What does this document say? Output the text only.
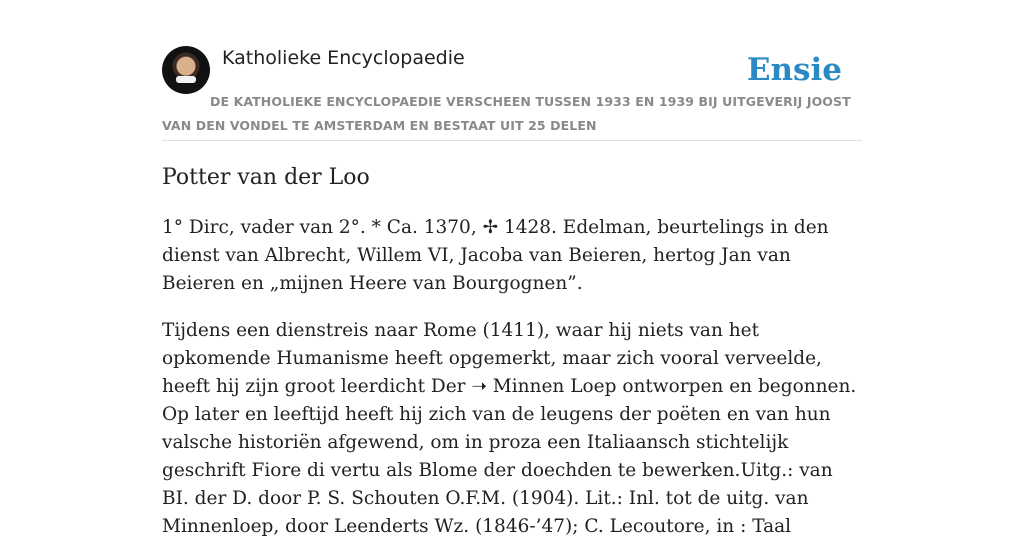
Katholieke Encyclopaedie	Ensie
DE KATHOLIEKE ENCYCLOPAEDIE VERSCHEEN TUSSEN 1933 EN 1939 BIJ UITGEVERIJ JOOST VAN DEN VONDEL TE AMSTERDAM EN BESTAAT UIT 25 DELEN
Potter van der Loo

1° Dirc, vader van 2°. * Ca. 1370, ✢ 1428. Edelman, beurtelings in den dienst van Albrecht, Willem VI, Jacoba van Beieren, hertog Jan van Beieren en „mijnen Heere van Bourgognen”.

Tijdens een dienstreis naar Rome (1411), waar hij niets van het opkomende Humanisme heeft opgemerkt, maar zich vooral verveelde, heeft hij zijn groot leerdicht Der ➝ Minnen Loep ontworpen en begonnen. Op later en leeftijd heeft hij zich van de leugens der poëten en van hun valsche historiën afgewend, om in proza een Italiaansch stichtelijk geschrift Fiore di vertu als Blome der doechden te bewerken.Uitg.: van BI. der D. door P. S. Schouten O.F.M. (1904). Lit.: Inl. tot de uitg. van Minnenloep, door Leenderts Wz. (1846-’47); C. Lecoutore, in : Taal
